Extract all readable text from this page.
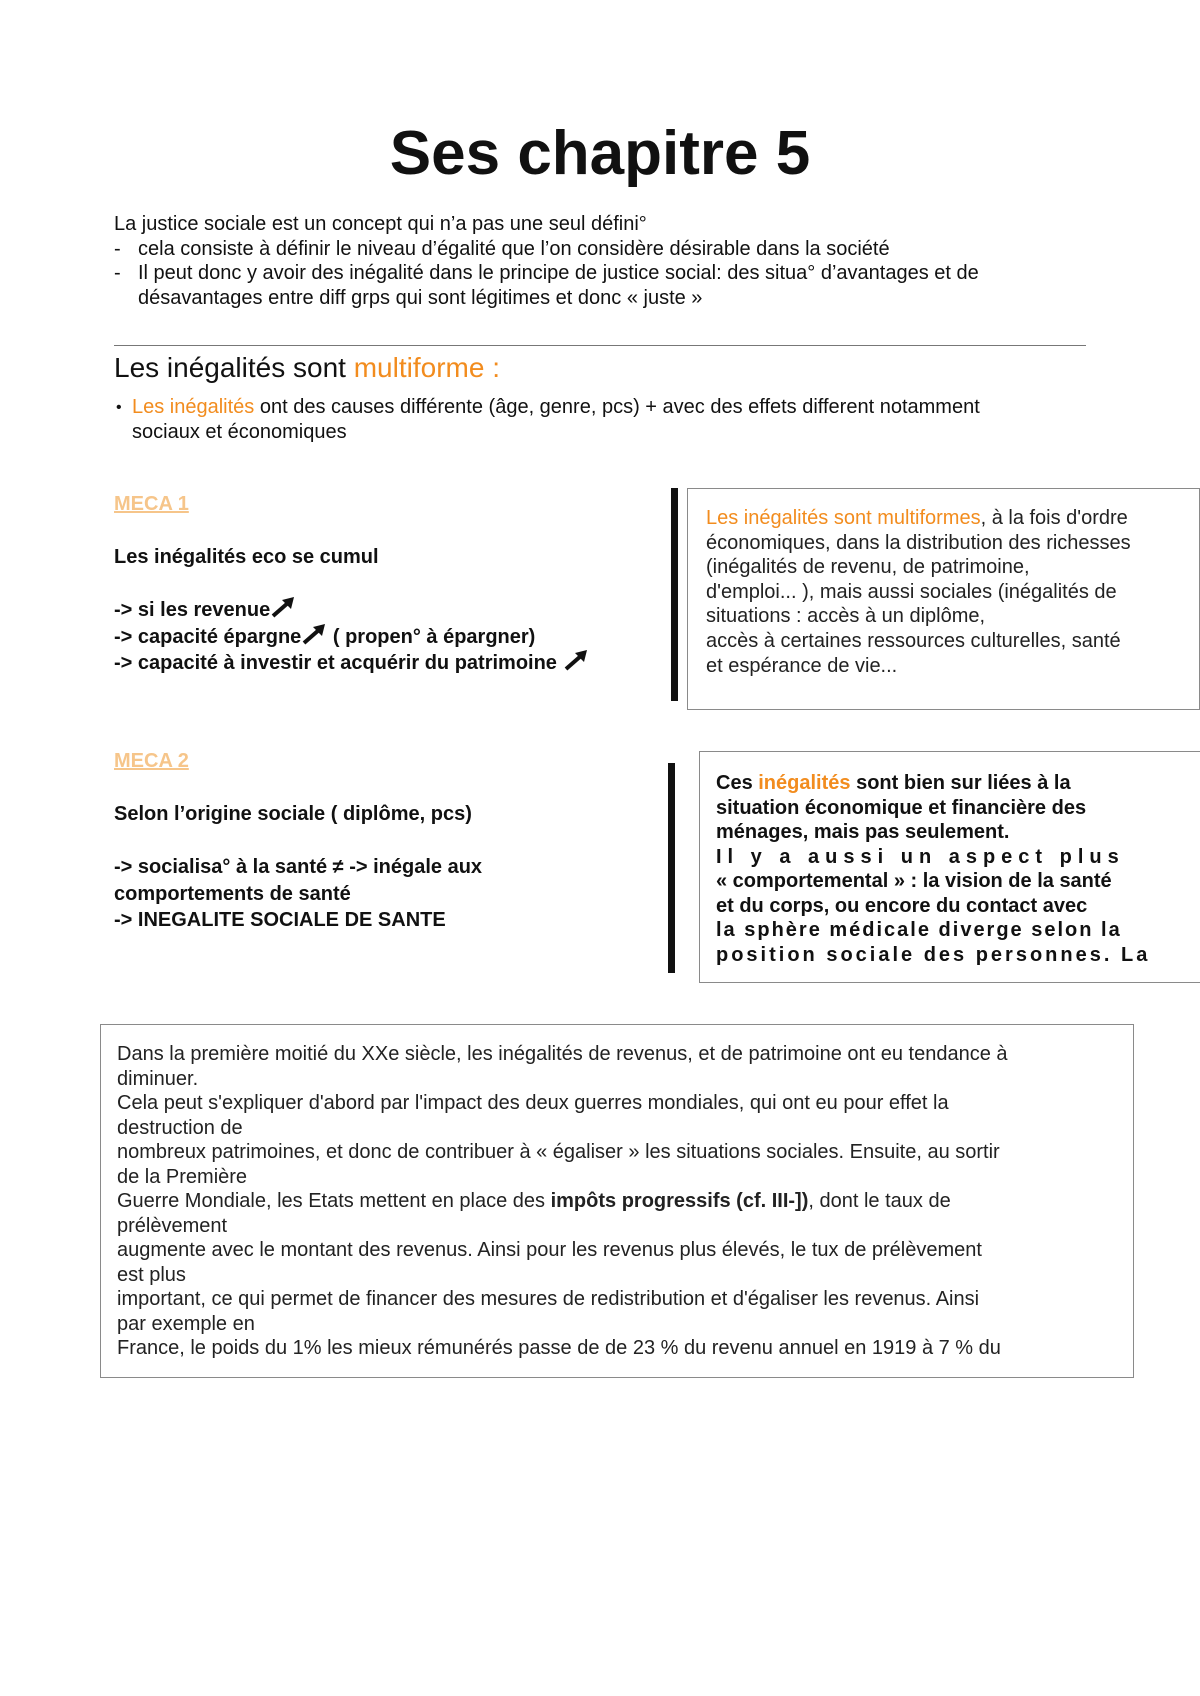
Ses chapitre 5
La justice sociale est un concept qui n’a pas une seul défini°
- cela consiste à définir le niveau d’égalité que l’on considère désirable dans la société
- Il peut donc y avoir des inégalité dans le principe de justice social: des situa° d’avantages et de
désavantages entre diff grps qui sont légitimes et donc « juste »
Les inégalités sont multiforme :
• Les inégalités ont des causes différente (âge, genre, pcs) + avec des effets different notamment
sociaux et économiques
MECA 1
Les inégalités eco se cumul
-> si les revenue
-> capacité épargne ( propen° à épargner)
-> capacité à investir et acquérir du patrimoine
Les inégalités sont multiformes, à la fois d'ordre
économiques, dans la distribution des richesses
(inégalités de revenu, de patrimoine,
d'emploi... ), mais aussi sociales (inégalités de
situations : accès à un diplôme,
accès à certaines ressources culturelles, santé
et espérance de vie...
MECA 2
Selon l’origine sociale ( diplôme, pcs)
-> socialisa° à la santé ≠ -> inégale aux
comportements de santé
-> INEGALITE SOCIALE DE SANTE
Ces inégalités sont bien sur liées à la
situation économique et financière des
ménages, mais pas seulement.
Il y a aussi un aspect plus
« comportemental » : la vision de la santé
et du corps, ou encore du contact avec
la sphère médicale diverge selon la
position sociale des personnes. La
Dans la première moitié du XXe siècle, les inégalités de revenus, et de patrimoine ont eu tendance à
diminuer.
Cela peut s'expliquer d'abord par l'impact des deux guerres mondiales, qui ont eu pour effet la
destruction de
nombreux patrimoines, et donc de contribuer à « égaliser » les situations sociales. Ensuite, au sortir
de la Première
Guerre Mondiale, les Etats mettent en place des impôts progressifs (cf. III-]), dont le taux de
prélèvement
augmente avec le montant des revenus. Ainsi pour les revenus plus élevés, le tux de prélèvement
est plus
important, ce qui permet de financer des mesures de redistribution et d'égaliser les revenus. Ainsi
par exemple en
France, le poids du 1% les mieux rémunérés passe de de 23 % du revenu annuel en 1919 à 7 % du
